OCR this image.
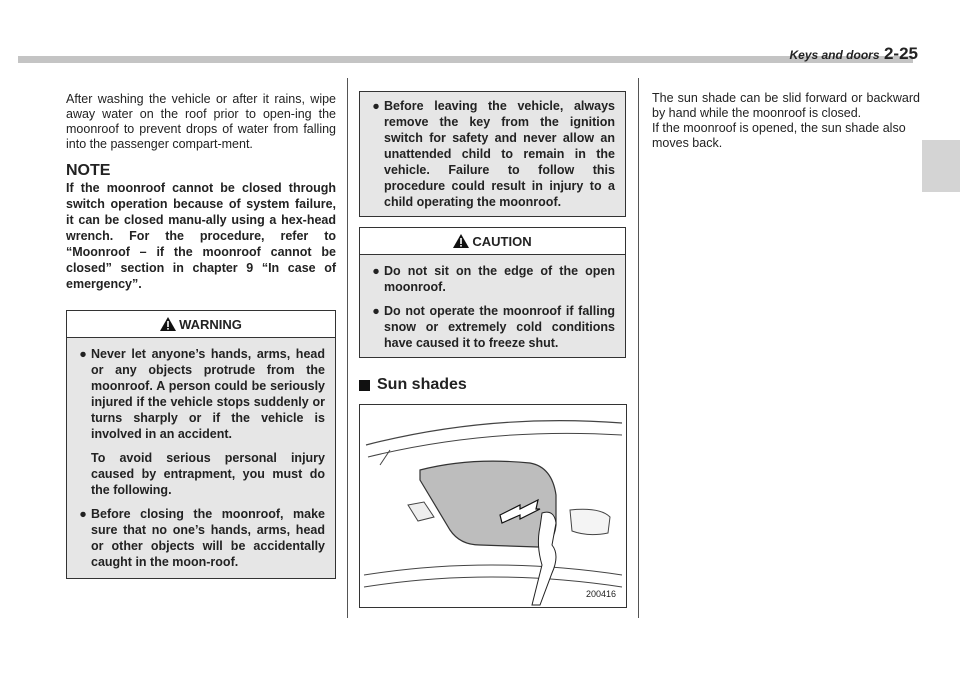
Keys and doors 2-25

After washing the vehicle or after it rains, wipe away water on the roof prior to open-ing the moonroof to prevent drops of water from falling into the passenger compart-ment.

NOTE

If the moonroof cannot be closed through switch operation because of system failure, it can be closed manu-ally using a hex-head wrench. For the procedure, refer to “Moonroof – if the moonroof cannot be closed” section in chapter 9 “In case of emergency”.

WARNING
● Never let anyone’s hands, arms, head or any objects protrude from the moonroof. A person could be seriously injured if the vehicle stops suddenly or turns sharply or if the vehicle is involved in an accident.
To avoid serious personal injury caused by entrapment, you must do the following.
● Before closing the moonroof, make sure that no one’s hands, arms, head or other objects will be accidentally caught in the moon-roof.
● Before leaving the vehicle, always remove the key from the ignition switch for safety and never allow an unattended child to remain in the vehicle. Failure to follow this procedure could result in injury to a child operating the moonroof.
CAUTION
● Do not sit on the edge of the open moonroof.
● Do not operate the moonroof if falling snow or extremely cold conditions have caused it to freeze shut.
Sun shades
200416

The sun shade can be slid forward or backward by hand while the moonroof is closed.

If the moonroof is opened, the sun shade also moves back.
